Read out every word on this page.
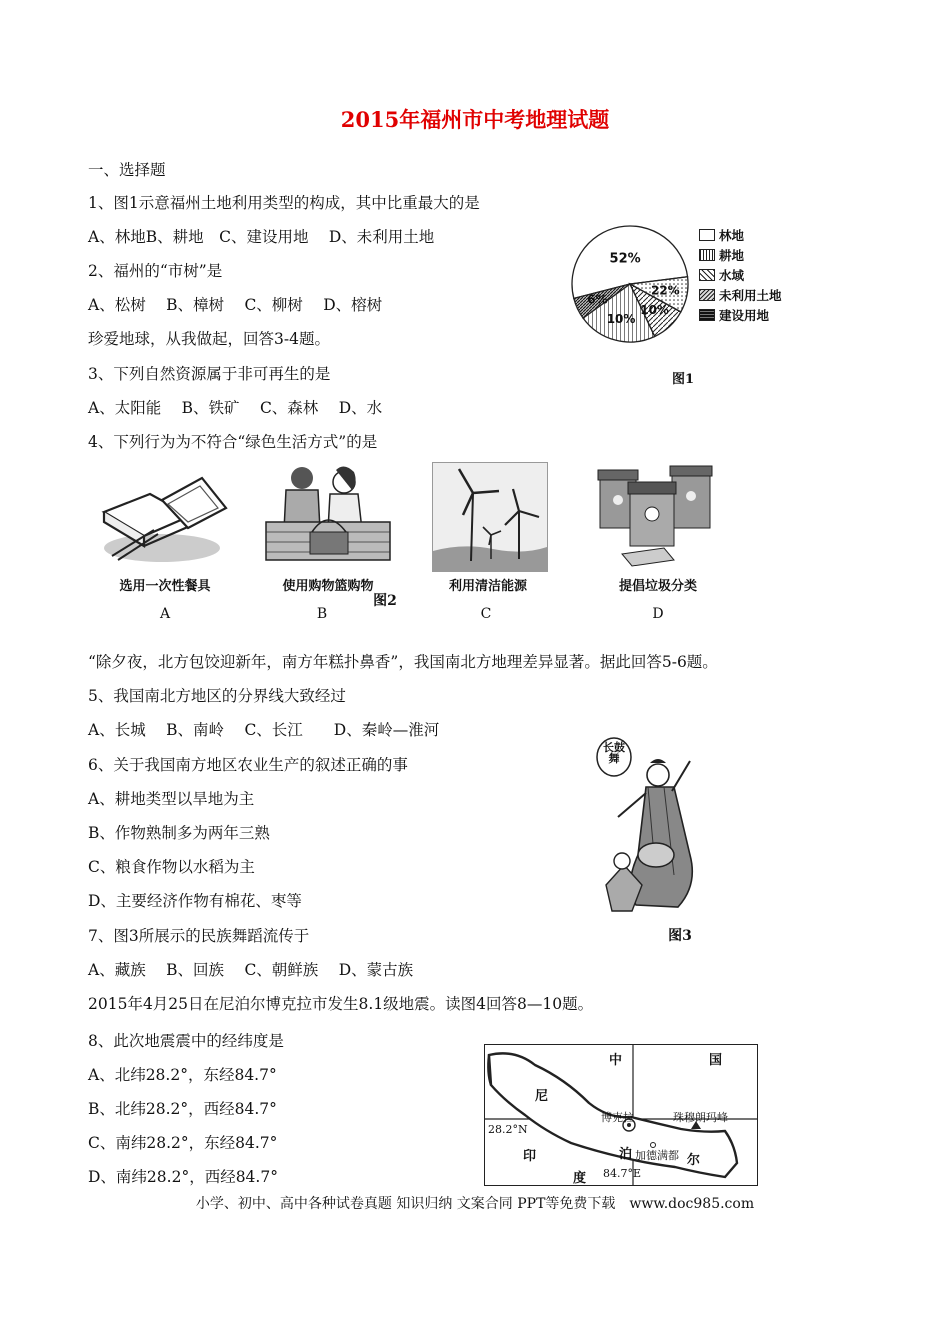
2015年福州市中考地理试题
一、选择题
1、图1示意福州土地利用类型的构成，其中比重最大的是
A、林地B、耕地　C、建设用地　 D、未利用土地
2、福州的“市树”是
A、松树　 B、樟树　 C、柳树　 D、榕树
珍爱地球，从我做起，回答3-4题。
3、下列自然资源属于非可再生的是
A、太阳能　 B、铁矿　 C、森林　 D、水
4、下列行为为不符合“绿色生活方式”的是
“除夕夜，北方包饺迎新年，南方年糕扑鼻香”，我国南北方地理差异显著。据此回答5-6题。
5、我国南北方地区的分界线大致经过
A、长城　 B、南岭　 C、长江　　D、秦岭—淮河
6、关于我国南方地区农业生产的叙述正确的事
A、耕地类型以旱地为主
B、作物熟制多为两年三熟
C、粮食作物以水稻为主
D、主要经济作物有棉花、枣等
7、图3所展示的民族舞蹈流传于
A、藏族　 B、回族　 C、朝鲜族　 D、蒙古族
2015年4月25日在尼泊尔博克拉市发生8.1级地震。读图4回答8—10题。
8、此次地震震中的经纬度是
A、北纬28.2°，东经84.7°
B、北纬28.2°，西经84.7°
C、南纬28.2°，东经84.7°
D、南纬28.2°，西经84.7°
52%
22%
10%
10%
6%
林地
耕地
水域
未利用土地
建设用地
图1
选用一次性餐具
A
使用购物篮购物
B
利用清洁能源
C
提倡垃圾分类
D
图2
长鼓舞
图3
中	国
尼
泊	尔
印
度
博克拉	珠穆朗玛峰
加德满都
28.2°N
84.7°E
小学、初中、高中各种试卷真题 知识归纳 文案合同 PPT等免费下载　www.doc985.com
